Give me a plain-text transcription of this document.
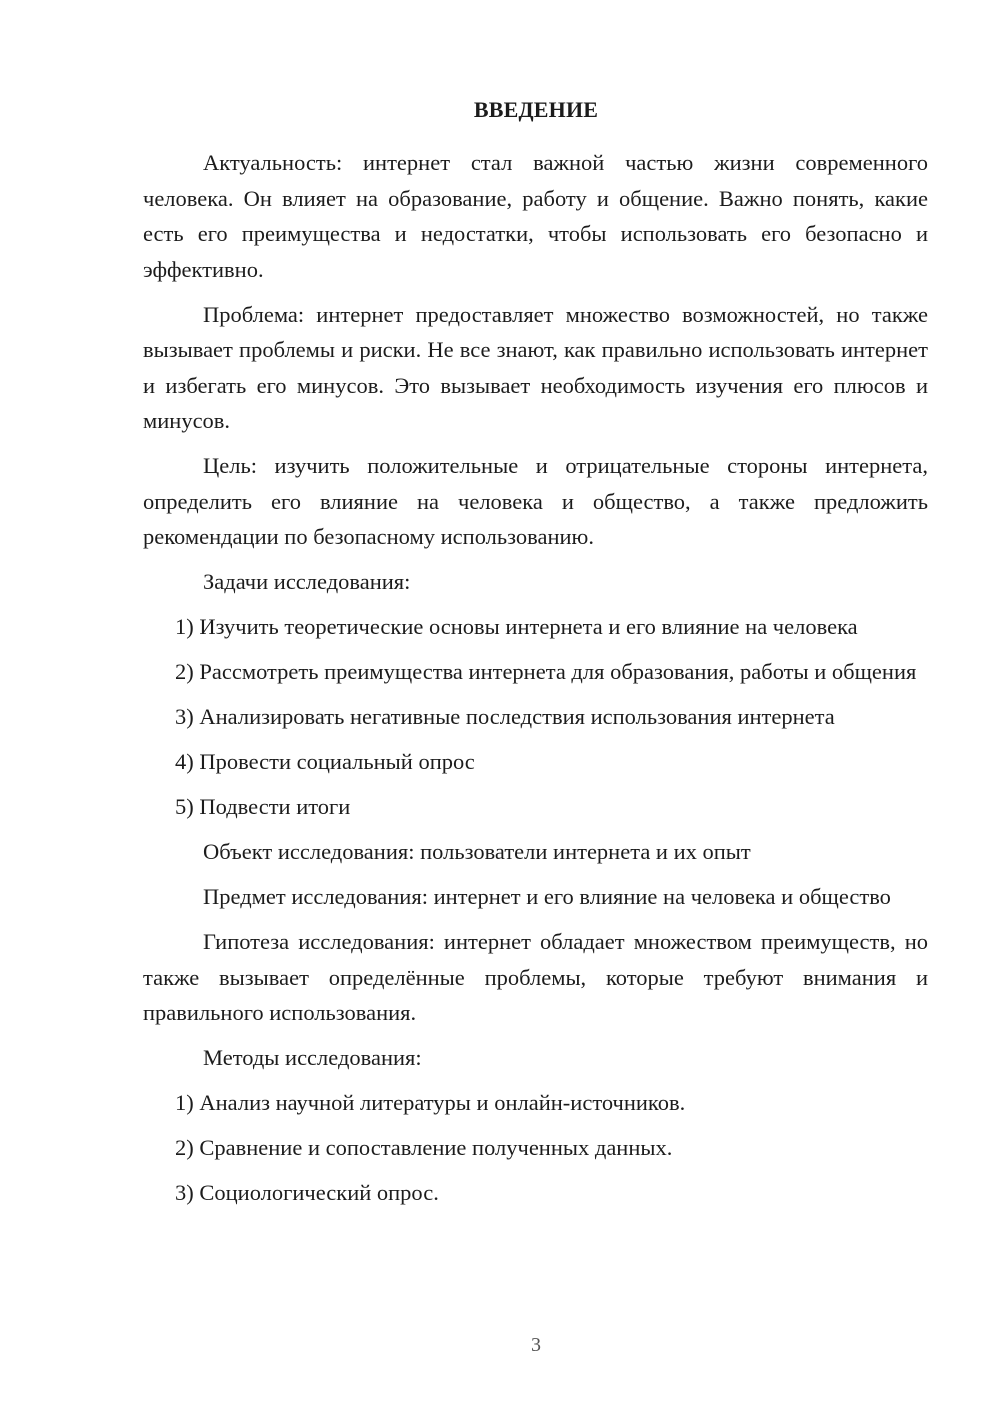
ВВЕДЕНИЕ

Актуальность: интернет стал важной частью жизни современного человека. Он влияет на образование, работу и общение. Важно понять, какие есть его преимущества и недостатки, чтобы использовать его безопасно и эффективно.

Проблема: интернет предоставляет множество возможностей, но также вызывает проблемы и риски. Не все знают, как правильно использовать интернет и избегать его минусов. Это вызывает необходимость изучения его плюсов и минусов.

Цель: изучить положительные и отрицательные стороны интернета, определить его влияние на человека и общество, а также предложить рекомендации по безопасному использованию.

Задачи исследования:

1) Изучить теоретические основы интернета и его влияние на человека

2) Рассмотреть преимущества интернета для образования, работы и общения

3) Анализировать негативные последствия использования интернета

4) Провести социальный опрос

5) Подвести итоги

Объект исследования: пользователи интернета и их опыт

Предмет исследования: интернет и его влияние на человека и общество

Гипотеза исследования: интернет обладает множеством преимуществ, но также вызывает определённые проблемы, которые требуют внимания и правильного использования.

Методы исследования:

1) Анализ научной литературы и онлайн-источников.

2) Сравнение и сопоставление полученных данных.

3) Социологический опрос.

3
